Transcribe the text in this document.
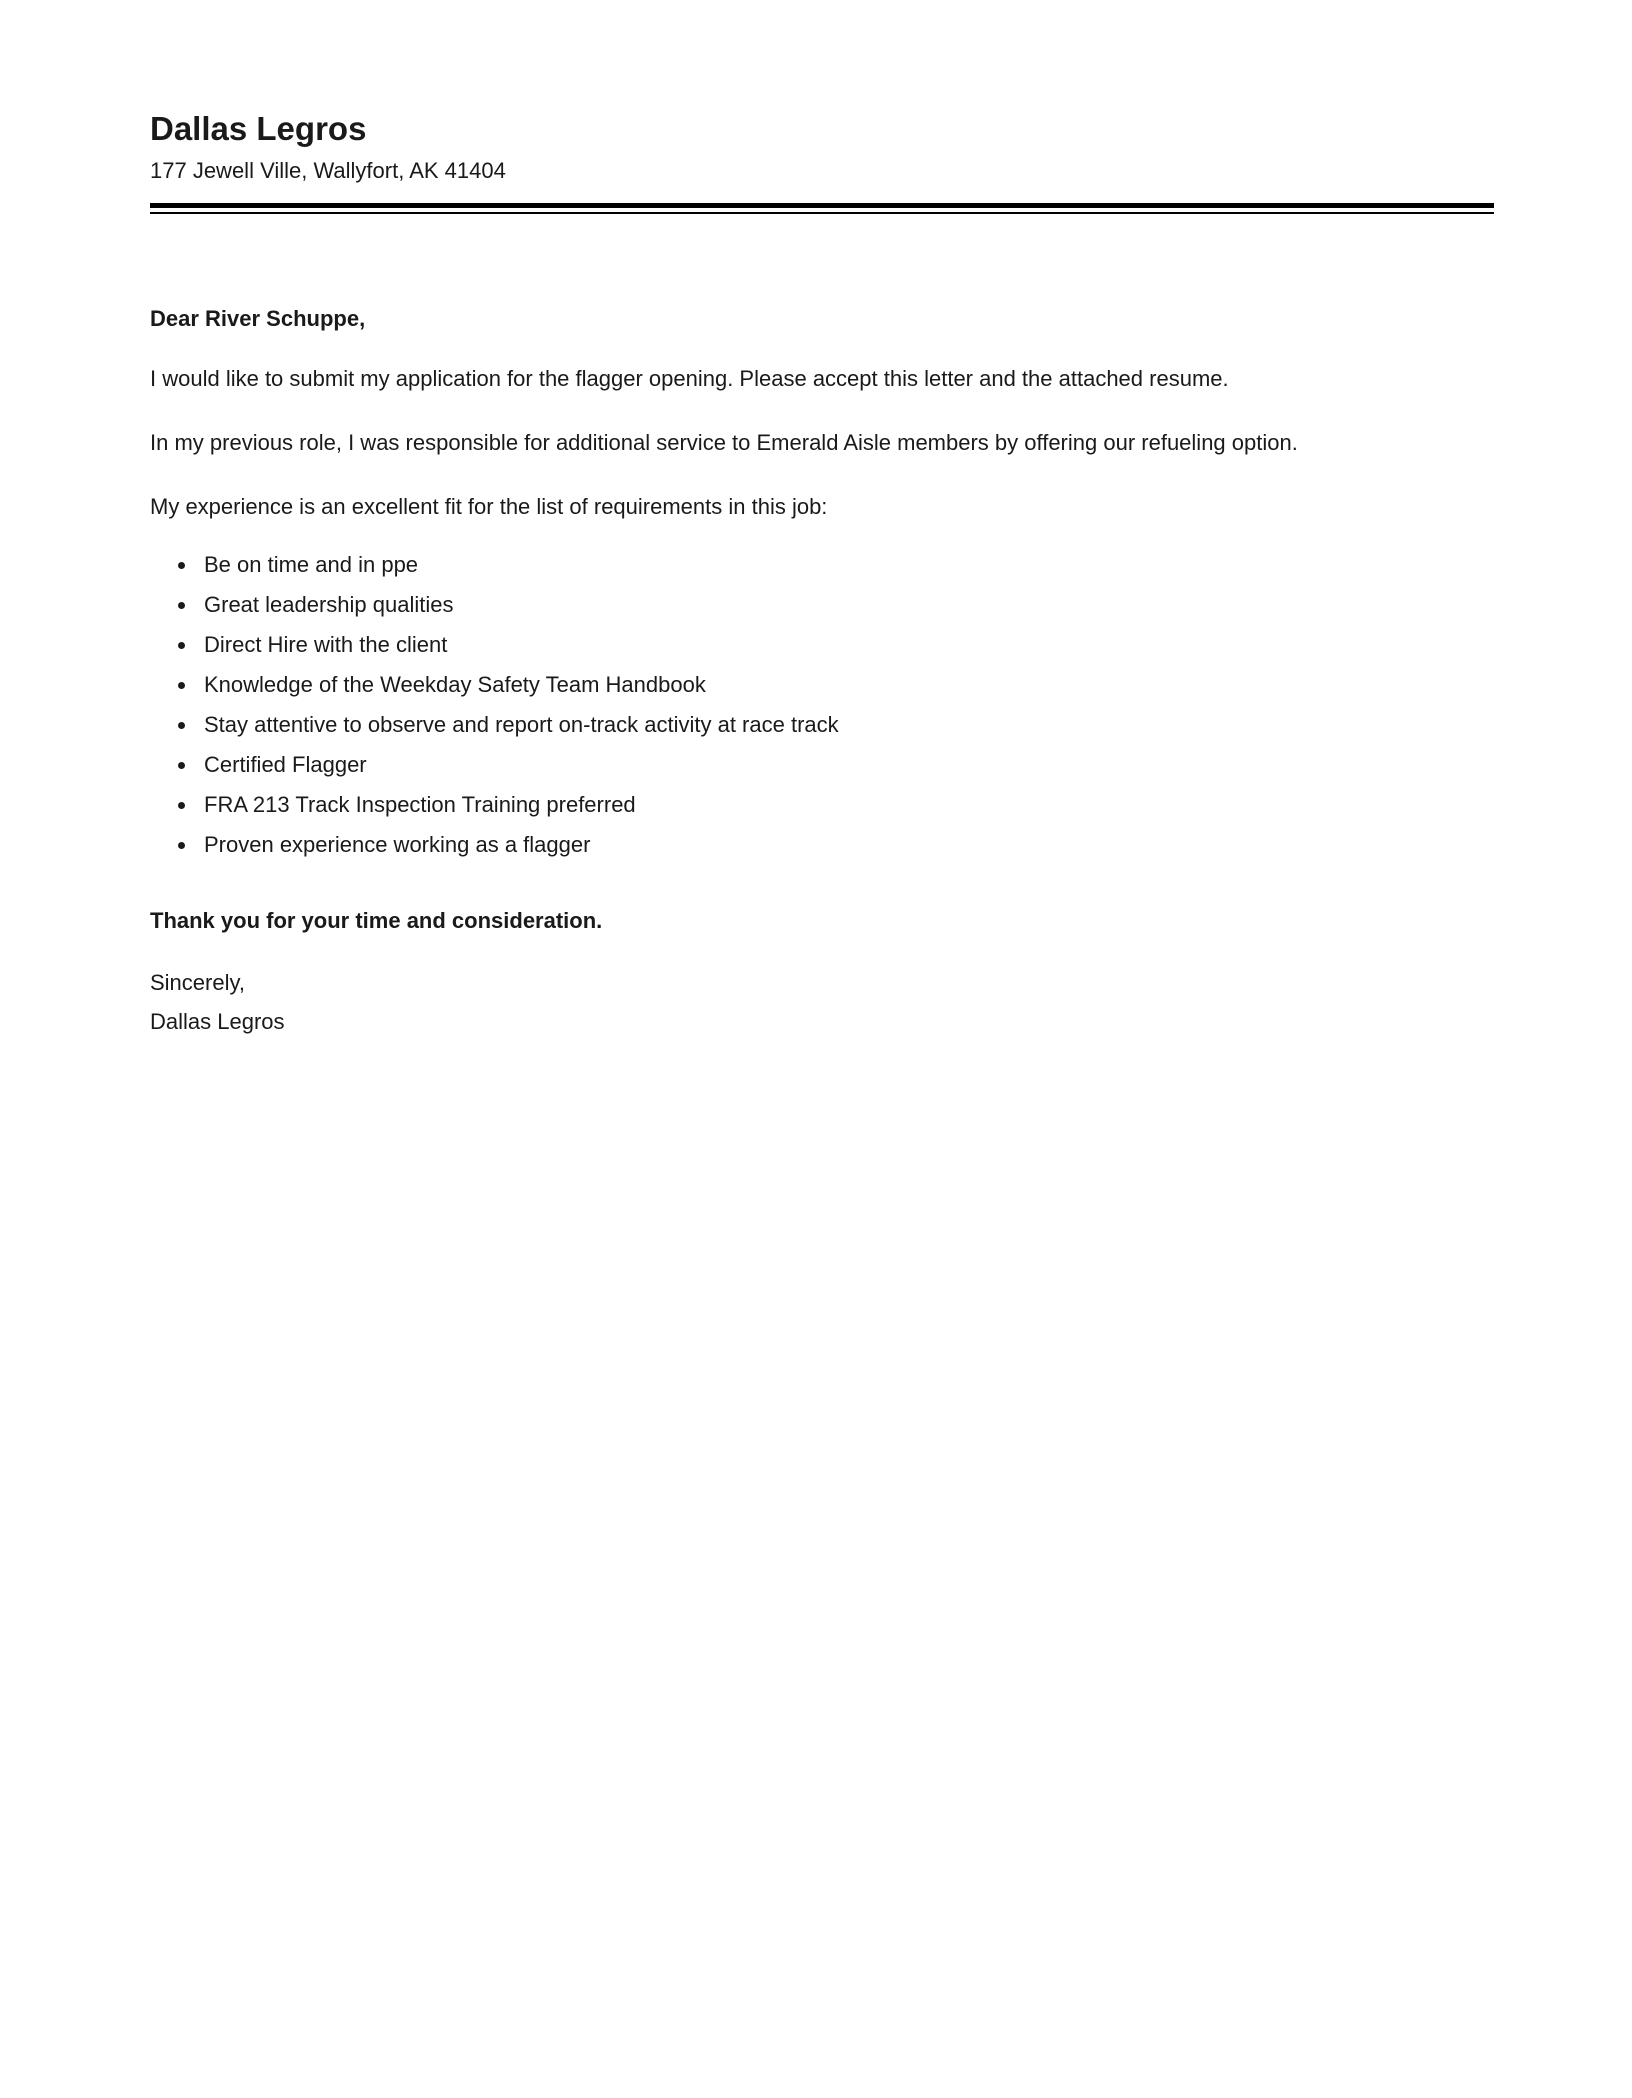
Dallas Legros
177 Jewell Ville, Wallyfort, AK 41404

Dear River Schuppe,

I would like to submit my application for the flagger opening. Please accept this letter and the attached resume.

In my previous role, I was responsible for additional service to Emerald Aisle members by offering our refueling option.

My experience is an excellent fit for the list of requirements in this job:

• Be on time and in ppe
• Great leadership qualities
• Direct Hire with the client
• Knowledge of the Weekday Safety Team Handbook
• Stay attentive to observe and report on-track activity at race track
• Certified Flagger
• FRA 213 Track Inspection Training preferred
• Proven experience working as a flagger

Thank you for your time and consideration.

Sincerely,

Dallas Legros
